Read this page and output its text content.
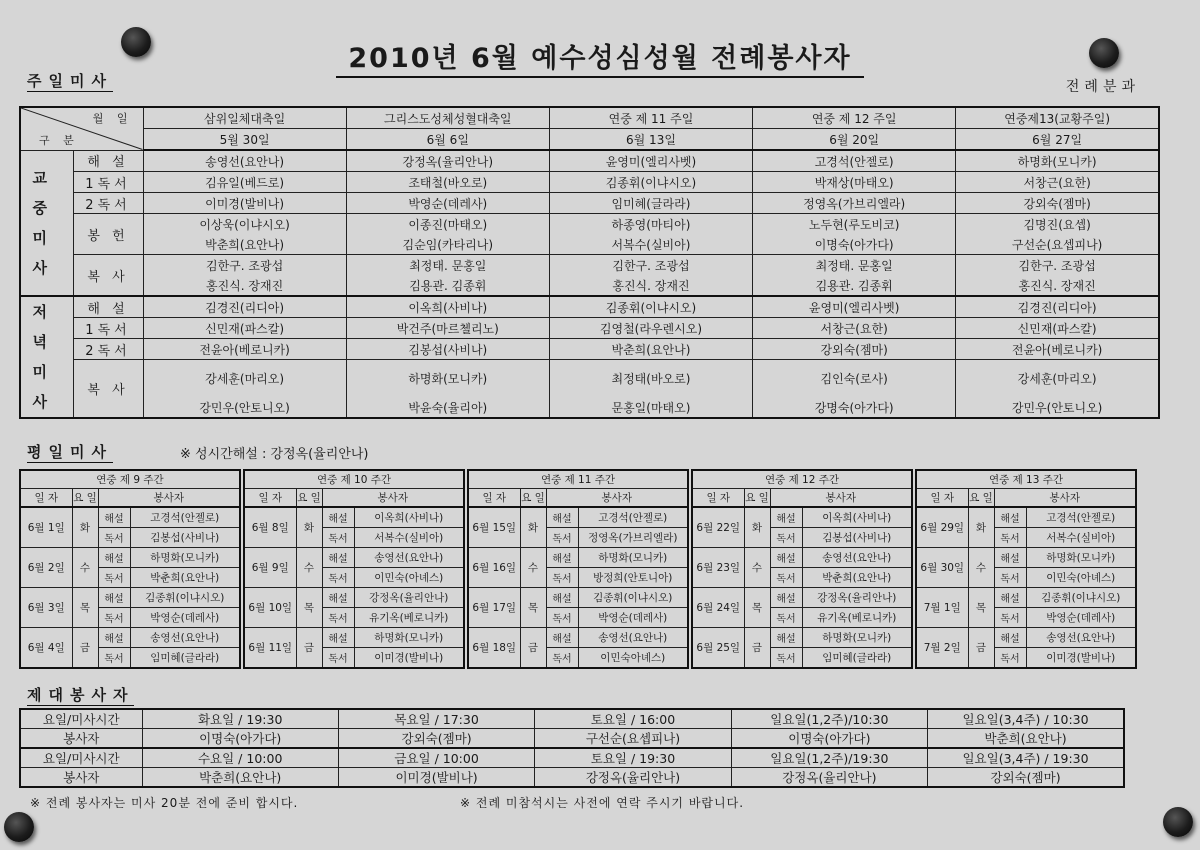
2010년 6월 예수성심성월 전례봉사자
주일미사	전례분과
월 일
구 분		삼위일체대축일	그리스도성체성혈대축일	연중 제 11 주일	연중 제 12 주일	연중제13(교황주일)
		5월 30일	6월 6일	6월 13일	6월 20일	6월 27일
교중미사	해 설	송영선(요안나)	강정옥(율리안나)	윤영미(엘리사벳)	고경석(안젤로)	하명화(모니카)
	1독서	김유일(베드로)	조태철(바오로)	김종휘(이냐시오)	박재상(마태오)	서창근(요한)
	2독서	이미경(발비나)	박영순(데레사)	임미혜(글라라)	정영옥(가브리엘라)	강외숙(젬마)
	봉 헌	이상욱(이냐시오)	이종진(마태오)	하종영(마티아)	노두현(루도비코)	김명진(요셉)
		박춘희(요안나)	김순임(카타리나)	서복수(실비아)	이명숙(아가다)	구선순(요셉피나)
	복 사	김한구. 조광섭	최정태. 문홍일	김한구. 조광섭	최정태. 문홍일	김한구. 조광섭
		홍진식. 장재진	김용관. 김종휘	홍진식. 장재진	김용관. 김종휘	홍진식. 장재진
저녁미사	해 설	김경진(리디아)	이옥희(사비나)	김종휘(이냐시오)	윤영미(엘리사벳)	김경진(리디아)
	1독서	신민재(파스칼)	박건주(마르첼리노)	김영철(라우렌시오)	서창근(요한)	신민재(파스칼)
	2독서	전윤아(베로니카)	김봉섭(사비나)	박춘희(요안나)	강외숙(젬마)	전윤아(베로니카)
	복 사	강세훈(마리오)	하명화(모니카)	최정태(바오로)	김인숙(로사)	강세훈(마리오)
		강민우(안토니오)	박윤숙(율리아)	문홍일(마태오)	강명숙(아가다)	강민우(안토니오)
평일미사	※ 성시간해설 : 강정옥(율리안나)
연중 제 9 주간			
일 자	요 일	봉사자	
6월 1일	화	해설	고경석(안젤로)
		독서	김봉섭(사비나)
6월 2일	수	해설	하명화(모니카)
		독서	박춘희(요안나)
6월 3일	목	해설	김종휘(이냐시오)
		독서	박영순(데레사)
6월 4일	금	해설	송영선(요안나)
		독서	임미혜(글라라)
연중 제 10 주간			
일 자	요 일	봉사자	
6월 8일	화	해설	이옥희(사비나)
		독서	서복수(실비아)
6월 9일	수	해설	송영선(요안나)
		독서	이민숙(아녜스)
6월 10일	목	해설	강정옥(율리안나)
		독서	유기옥(베로니카)
6월 11일	금	해설	하명화(모니카)
		독서	이미경(발비나)
연중 제 11 주간			
일 자	요 일	봉사자	
6월 15일	화	해설	고경석(안젤로)
		독서	정영옥(가브리엘라)
6월 16일	수	해설	하명화(모니카)
		독서	방정희(안토니아)
6월 17일	목	해설	김종휘(이냐시오)
		독서	박영순(데레사)
6월 18일	금	해설	송영선(요안나)
		독서	이민숙아녜스)
연중 제 12 주간			
일 자	요 일	봉사자	
6월 22일	화	해설	이옥희(사비나)
		독서	김봉섭(사비나)
6월 23일	수	해설	송영선(요안나)
		독서	박춘희(요안나)
6월 24일	목	해설	강정옥(율리안나)
		독서	유기옥(베로니카)
6월 25일	금	해설	하명화(모니카)
		독서	임미혜(글라라)
연중 제 13 주간			
일 자	요 일	봉사자	
6월 29일	화	해설	고경석(안젤로)
		독서	서복수(실비아)
6월 30일	수	해설	하명화(모니카)
		독서	이민숙(아녜스)
7월 1일	목	해설	김종휘(이냐시오)
		독서	박영순(데레사)
7월 2일	금	해설	송영선(요안나)
		독서	이미경(발비나)
제대봉사자
요일/미사시간	화요일 / 19:30	목요일 / 17:30	토요일 / 16:00	일요일(1,2주)/10:30	일요일(3,4주) / 10:30
봉사자	이명숙(아가다)	강외숙(젬마)	구선순(요셉피나)	이명숙(아가다)	박춘희(요안나)
요일/미사시간	수요일 / 10:00	금요일 / 10:00	토요일 / 19:30	일요일(1,2주)/19:30	일요일(3,4주) / 19:30
봉사자	박춘희(요안나)	이미경(발비나)	강정옥(율리안나)	강정옥(율리안나)	강외숙(젬마)
※ 전례 봉사자는 미사 20분 전에 준비 합시다.	※ 전례 미참석시는 사전에 연락 주시기 바랍니다.
